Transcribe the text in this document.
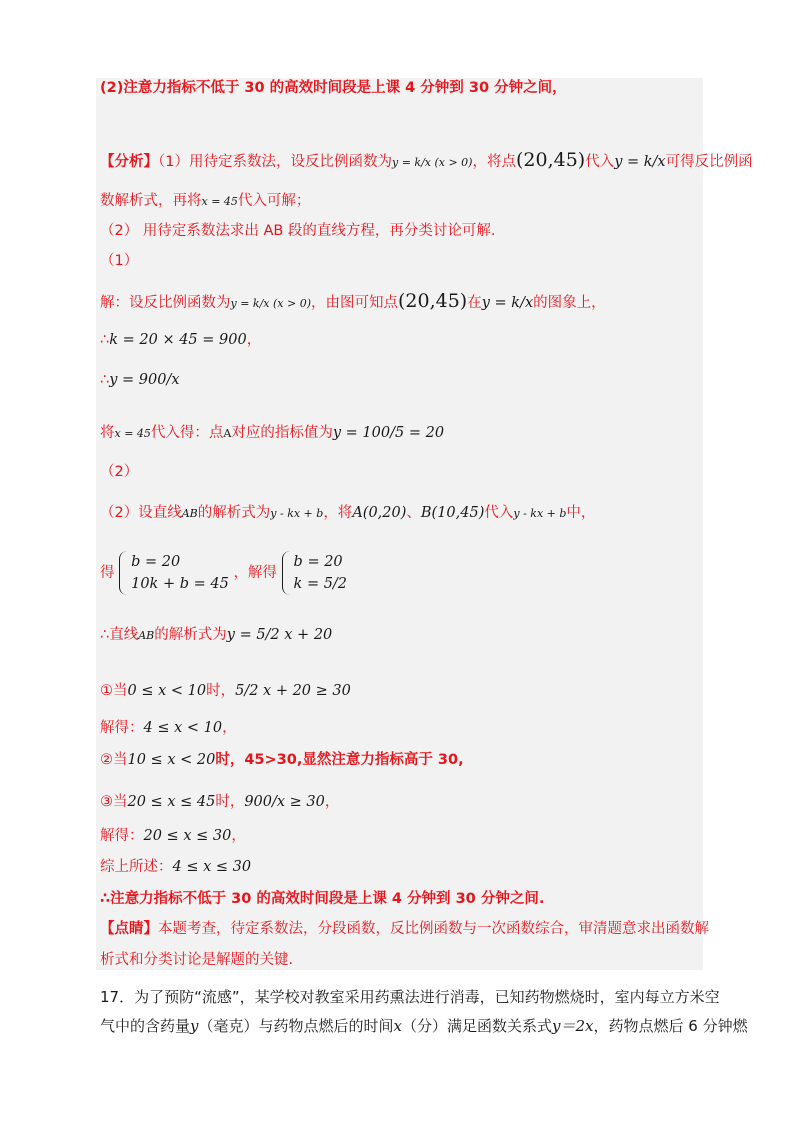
(2)注意力指标不低于 30 的高效时间段是上课 4 分钟到 30 分钟之间，
【分析】（1）用待定系数法，设反比例函数为y = k/x (x > 0)，将点(20,45)代入y = k/x可得反比例函
数解析式，再将x = 45代入可解；
（2） 用待定系数法求出 AB 段的直线方程，再分类讨论可解.
（1）
解：设反比例函数为y = k/x (x > 0)，由图可知点(20,45)在y = k/x的图象上，
∴k = 20 × 45 = 900，
∴y = 900/x
将x = 45代入得：点A对应的指标值为y = 100/5 = 20
（2）
（2）设直线AB的解析式为y - kx + b，将A(0,20)、B(10,45)代入y - kx + b中，
得
b = 20
10k + b = 45
，解得
b = 20
k = 5/2
∴直线AB的解析式为y = 5/2 x + 20
①当0 ≤ x < 10时，5/2 x + 20 ≥ 30
解得：4 ≤ x < 10，
②当10 ≤ x < 20时，45>30,显然注意力指标高于 30,
③当20 ≤ x ≤ 45时，900/x ≥ 30，
解得：20 ≤ x ≤ 30，
综上所述：4 ≤ x ≤ 30
∴注意力指标不低于 30 的高效时间段是上课 4 分钟到 30 分钟之间.
【点睛】本题考查，待定系数法，分段函数，反比例函数与一次函数综合，审清题意求出函数解
析式和分类讨论是解题的关键.
17．为了预防“流感”，某学校对教室采用药熏法进行消毒，已知药物燃烧时，室内每立方米空
气中的含药量y（毫克）与药物点燃后的时间x（分）满足函数关系式y＝2x，药物点燃后 6 分钟燃
